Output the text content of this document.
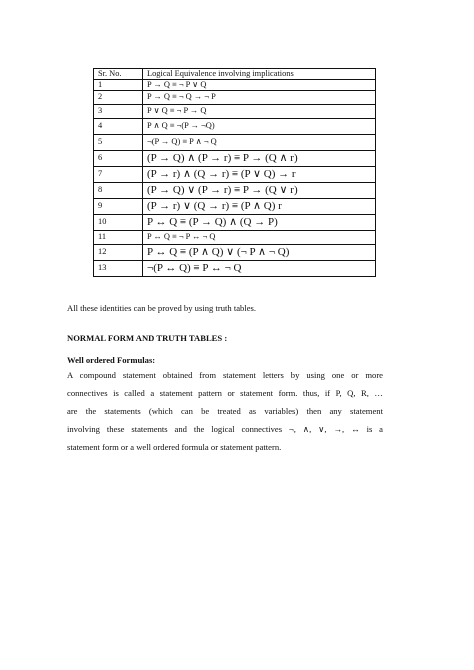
Sr. No.	Logical Equivalence involving implications
1	P → Q ≡ ¬ P ∨ Q
2	P → Q ≡ ¬ Q → ¬ P
3	P ∨ Q ≡ ¬ P → Q
4	P ∧ Q ≡ ¬(P → ¬Q)
5	¬(P → Q) ≡ P ∧ ¬ Q
6	(P → Q) ∧ (P → r) ≡ P → (Q ∧ r)
7	(P → r) ∧ (Q → r) ≡ (P ∨ Q) → r
8	(P → Q) ∨ (P → r) ≡ P → (Q ∨ r)
9	(P → r) ∨ (Q → r) ≡ (P ∧ Q) r
10	P ↔ Q ≡ (P → Q) ∧ (Q → P)
11	P ↔ Q ≡ ¬ P ↔ ¬ Q
12	P ↔ Q ≡ (P ∧ Q) ∨ (¬ P ∧ ¬ Q)
13	¬(P ↔ Q) ≡ P ↔ ¬ Q
All these identities can be proved by using truth tables.
NORMAL FORM AND TRUTH TABLES :
Well ordered Formulas:
A compound statement obtained from statement letters by using one or more
connectives is called a statement pattern or statement form. thus, if P, Q, R, …
are the statements (which can be treated as variables) then any statement
involving these statements and the logical connectives ¬, ∧, ∨, →, ↔ is a
statement form or a well ordered formula or statement pattern.
